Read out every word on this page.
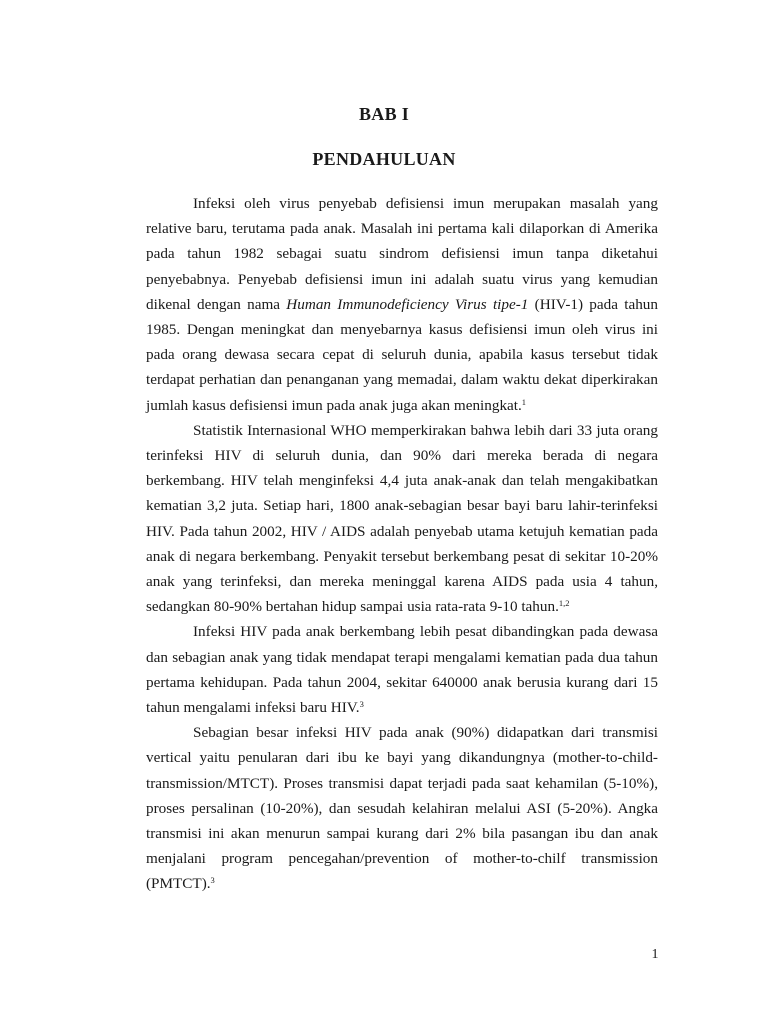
BAB I
PENDAHULUAN

Infeksi oleh virus penyebab defisiensi imun merupakan masalah yang relative baru, terutama pada anak. Masalah ini pertama kali dilaporkan di Amerika pada tahun 1982 sebagai suatu sindrom defisiensi imun tanpa diketahui penyebabnya. Penyebab defisiensi imun ini adalah suatu virus yang kemudian dikenal dengan nama Human Immunodeficiency Virus tipe-1 (HIV-1) pada tahun 1985. Dengan meningkat dan menyebarnya kasus defisiensi imun oleh virus ini pada orang dewasa secara cepat di seluruh dunia, apabila kasus tersebut tidak terdapat perhatian dan penanganan yang memadai, dalam waktu dekat diperkirakan jumlah kasus defisiensi imun pada anak juga akan meningkat.$^1$

Statistik Internasional WHO memperkirakan bahwa lebih dari 33 juta orang terinfeksi HIV di seluruh dunia, dan 90% dari mereka berada di negara berkembang. HIV telah menginfeksi 4,4 juta anak-anak dan telah mengakibatkan kematian 3,2 juta. Setiap hari, 1800 anak-sebagian besar bayi baru lahir-terinfeksi HIV. Pada tahun 2002, HIV / AIDS adalah penyebab utama ketujuh kematian pada anak di negara berkembang. Penyakit tersebut berkembang pesat di sekitar 10-20% anak yang terinfeksi, dan mereka meninggal karena AIDS pada usia 4 tahun, sedangkan 80-90% bertahan hidup sampai usia rata-rata 9-10 tahun.$^{1,2}$

Infeksi HIV pada anak berkembang lebih pesat dibandingkan pada dewasa dan sebagian anak yang tidak mendapat terapi mengalami kematian pada dua tahun pertama kehidupan. Pada tahun 2004, sekitar 640000 anak berusia kurang dari 15 tahun mengalami infeksi baru HIV.$^3$

Sebagian besar infeksi HIV pada anak (90%) didapatkan dari transmisi vertical yaitu penularan dari ibu ke bayi yang dikandungnya (mother-to-child-transmission/MTCT). Proses transmisi dapat terjadi pada saat kehamilan (5-10%), proses persalinan (10-20%), dan sesudah kelahiran melalui ASI (5-20%). Angka transmisi ini akan menurun sampai kurang dari 2% bila pasangan ibu dan anak menjalani program pencegahan/prevention of mother-to-chilf transmission (PMTCT).$^3$

1
